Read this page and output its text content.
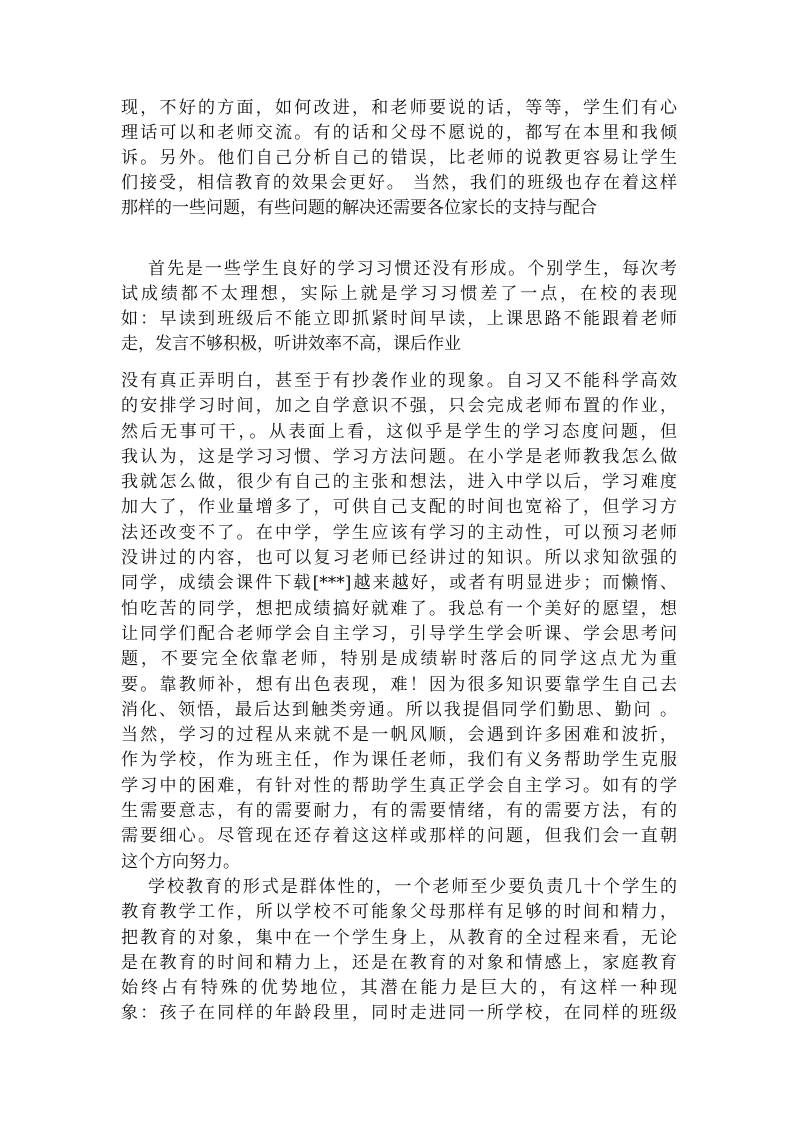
现，不好的方面，如何改进，和老师要说的话，等等，学生们有心
理话可以和老师交流。有的话和父母不愿说的，都写在本里和我倾
诉。另外。他们自己分析自己的错误，比老师的说教更容易让学生
们接受，相信教育的效果会更好。 当然，我们的班级也存在着这样
那样的一些问题，有些问题的解决还需要各位家长的支持与配合
首先是一些学生良好的学习习惯还没有形成。个别学生，每次考
试成绩都不太理想，实际上就是学习习惯差了一点，在校的表现
如：早读到班级后不能立即抓紧时间早读，上课思路不能跟着老师
走，发言不够积极，听讲效率不高，课后作业
没有真正弄明白，甚至于有抄袭作业的现象。自习又不能科学高效
的安排学习时间，加之自学意识不强，只会完成老师布置的作业，
然后无事可干，。从表面上看，这似乎是学生的学习态度问题，但
我认为，这是学习习惯、学习方法问题。在小学是老师教我怎么做
我就怎么做，很少有自己的主张和想法，进入中学以后，学习难度
加大了，作业量增多了，可供自己支配的时间也宽裕了，但学习方
法还改变不了。在中学，学生应该有学习的主动性，可以预习老师
没讲过的内容，也可以复习老师已经讲过的知识。所以求知欲强的
同学，成绩会课件下载[***]越来越好，或者有明显进步；而懒惰、
怕吃苦的同学，想把成绩搞好就难了。我总有一个美好的愿望，想
让同学们配合老师学会自主学习，引导学生学会听课、学会思考问
题，不要完全依靠老师，特别是成绩崭时落后的同学这点尤为重
要。靠教师补，想有出色表现，难！因为很多知识要靠学生自己去
消化、领悟，最后达到触类旁通。所以我提倡同学们勤思、勤问 。
当然，学习的过程从来就不是一帆风顺，会遇到许多困难和波折，
作为学校，作为班主任，作为课任老师，我们有义务帮助学生克服
学习中的困难，有针对性的帮助学生真正学会自主学习。如有的学
生需要意志，有的需要耐力，有的需要情绪，有的需要方法，有的
需要细心。尽管现在还存着这这样或那样的问题，但我们会一直朝
这个方向努力。
学校教育的形式是群体性的，一个老师至少要负责几十个学生的
教育教学工作，所以学校不可能象父母那样有足够的时间和精力，
把教育的对象，集中在一个学生身上，从教育的全过程来看，无论
是在教育的时间和精力上，还是在教育的对象和情感上，家庭教育
始终占有特殊的优势地位，其潜在能力是巨大的，有这样一种现
象：孩子在同样的年龄段里，同时走进同一所学校，在同样的班级
